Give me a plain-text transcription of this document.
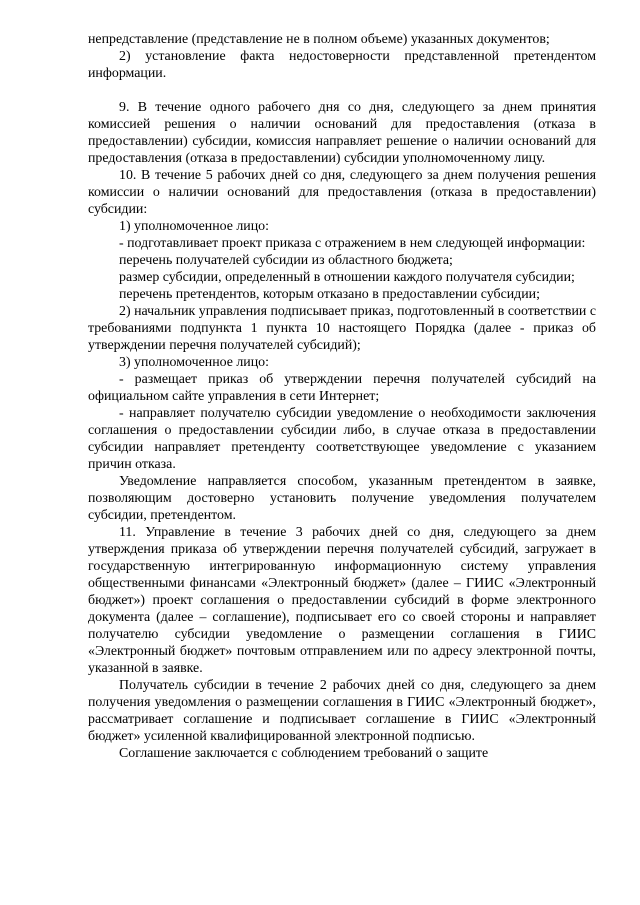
непредставление (представление не в полном объеме) указанных документов;

2) установление факта недостоверности представленной претендентом информации.

9. В течение одного рабочего дня со дня, следующего за днем принятия комиссией решения о наличии оснований для предоставления (отказа в предоставлении) субсидии, комиссия направляет решение о наличии оснований для предоставления (отказа в предоставлении) субсидии уполномоченному лицу.

10. В течение 5 рабочих дней со дня, следующего за днем получения решения комиссии о наличии оснований для предоставления (отказа в предоставлении) субсидии:

1) уполномоченное лицо:

- подготавливает проект приказа с отражением в нем следующей информации:

перечень получателей субсидии из областного бюджета;

размер субсидии, определенный в отношении каждого получателя субсидии;

перечень претендентов, которым отказано в предоставлении субсидии;

2) начальник управления подписывает приказ, подготовленный в соответствии с требованиями подпункта 1 пункта 10 настоящего Порядка (далее - приказ об утверждении перечня получателей субсидий);

3) уполномоченное лицо:

- размещает приказ об утверждении перечня получателей субсидий на официальном сайте управления в сети Интернет;

- направляет получателю субсидии уведомление о необходимости заключения соглашения о предоставлении субсидии либо, в случае отказа в предоставлении субсидии направляет претенденту соответствующее уведомление с указанием причин отказа.

Уведомление направляется способом, указанным претендентом в заявке, позволяющим достоверно установить получение уведомления получателем субсидии, претендентом.

11. Управление в течение 3 рабочих дней со дня, следующего за днем утверждения приказа об утверждении перечня получателей субсидий, загружает в государственную интегрированную информационную систему управления общественными финансами «Электронный бюджет» (далее – ГИИС «Электронный бюджет») проект соглашения о предоставлении субсидий в форме электронного документа (далее – соглашение), подписывает его со своей стороны и направляет получателю субсидии уведомление о размещении соглашения в ГИИС «Электронный бюджет» почтовым отправлением или по адресу электронной почты, указанной в заявке.

Получатель субсидии в течение 2 рабочих дней со дня, следующего за днем получения уведомления о размещении соглашения в ГИИС «Электронный бюджет», рассматривает соглашение и подписывает соглашение в ГИИС «Электронный бюджет» усиленной квалифицированной электронной подписью.

Соглашение заключается с соблюдением требований о защите
